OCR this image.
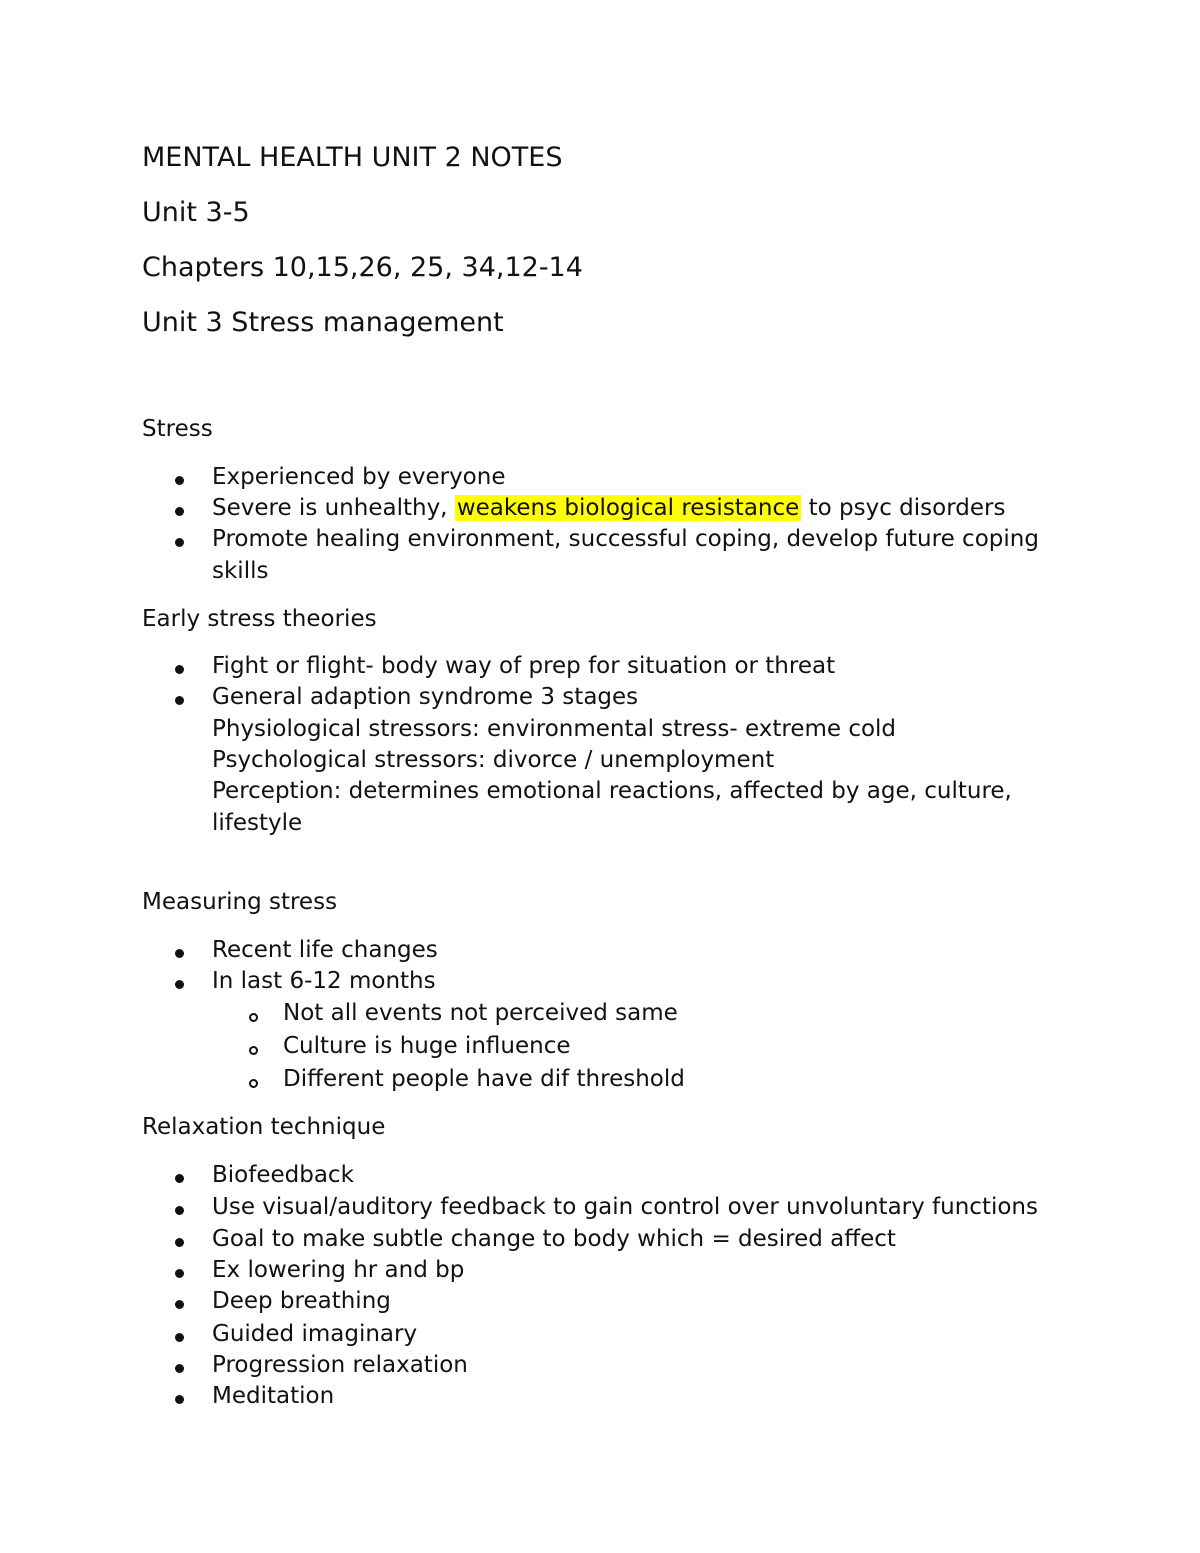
MENTAL HEALTH UNIT 2 NOTES
Unit 3-5
Chapters 10,15,26, 25, 34,12-14
Unit 3 Stress management
Stress
Experienced by everyone
Severe is unhealthy, weakens biological resistance to psyc disorders
Promote healing environment, successful coping, develop future coping
skills
Early stress theories
Fight or flight- body way of prep for situation or threat
General adaption syndrome 3 stages
Physiological stressors: environmental stress- extreme cold
Psychological stressors: divorce / unemployment
Perception: determines emotional reactions, affected by age, culture,
lifestyle
Measuring stress
Recent life changes
In last 6-12 months
Not all events not perceived same
Culture is huge influence
Different people have dif threshold
Relaxation technique
Biofeedback
Use visual/auditory feedback to gain control over unvoluntary functions
Goal to make subtle change to body which = desired affect
Ex lowering hr and bp
Deep breathing
Guided imaginary
Progression relaxation
Meditation
